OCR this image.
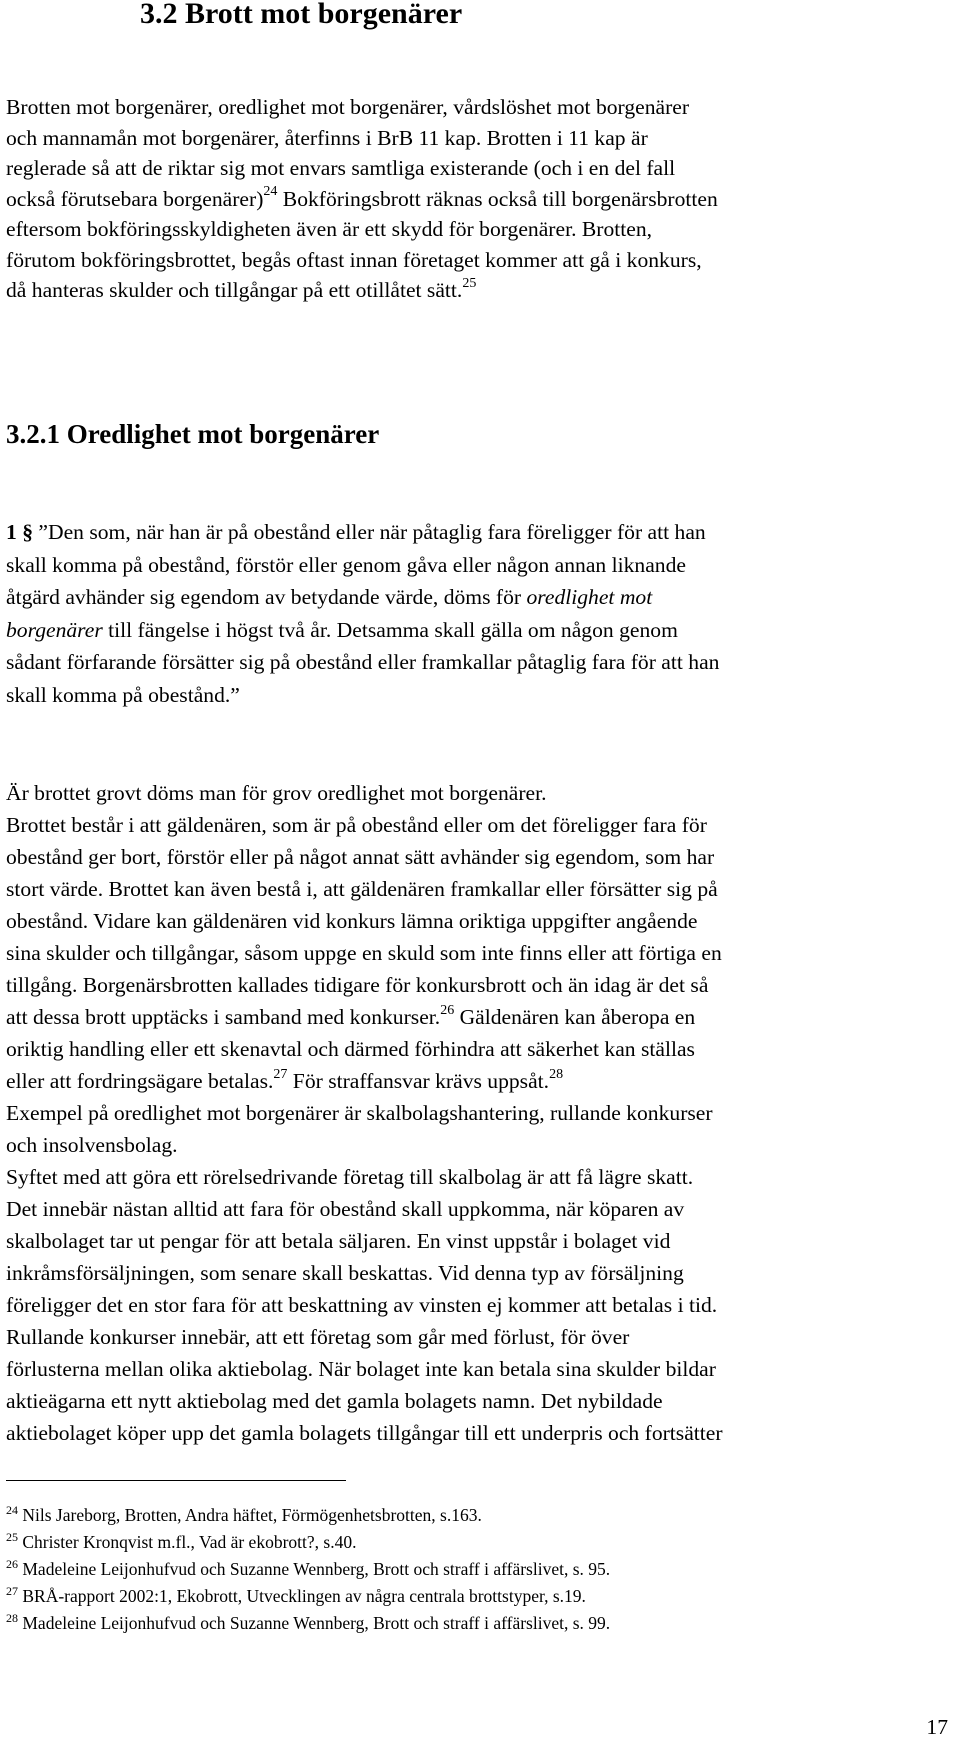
3.2 Brott mot borgenärer

Brotten mot borgenärer, oredlighet mot borgenärer, vårdslöshet mot borgenärer

och mannamån mot borgenärer, återfinns i BrB 11 kap. Brotten i 11 kap är

reglerade så att de riktar sig mot envars samtliga existerande (och i en del fall

också förutsebara borgenärer)$^{24}$ Bokföringsbrott räknas också till borgenärsbrotten

eftersom bokföringsskyldigheten även är ett skydd för borgenärer. Brotten,

förutom bokföringsbrottet, begås oftast innan företaget kommer att gå i konkurs,

då hanteras skulder och tillgångar på ett otillåtet sätt.$^{25}$

3.2.1 Oredlighet mot borgenärer

1 § ”Den som, när han är på obestånd eller när påtaglig fara föreligger för att han

skall komma på obestånd, förstör eller genom gåva eller någon annan liknande

åtgärd avhänder sig egendom av betydande värde, döms för oredlighet mot

borgenärer till fängelse i högst två år. Detsamma skall gälla om någon genom

sådant förfarande försätter sig på obestånd eller framkallar påtaglig fara för att han

skall komma på obestånd.”

Är brottet grovt döms man för grov oredlighet mot borgenärer.

Brottet består i att gäldenären, som är på obestånd eller om det föreligger fara för

obestånd ger bort, förstör eller på något annat sätt avhänder sig egendom, som har

stort värde. Brottet kan även bestå i, att gäldenären framkallar eller försätter sig på

obestånd. Vidare kan gäldenären vid konkurs lämna oriktiga uppgifter angående

sina skulder och tillgångar, såsom uppge en skuld som inte finns eller att förtiga en

tillgång. Borgenärsbrotten kallades tidigare för konkursbrott och än idag är det så

att dessa brott upptäcks i samband med konkurser.$^{26}$ Gäldenären kan åberopa en

oriktig handling eller ett skenavtal och därmed förhindra att säkerhet kan ställas

eller att fordringsägare betalas.$^{27}$ För straffansvar krävs uppsåt.$^{28}$

Exempel på oredlighet mot borgenärer är skalbolagshantering, rullande konkurser

och insolvensbolag.

Syftet med att göra ett rörelsedrivande företag till skalbolag är att få lägre skatt.

Det innebär nästan alltid att fara för obestånd skall uppkomma, när köparen av

skalbolaget tar ut pengar för att betala säljaren. En vinst uppstår i bolaget vid

inkråmsförsäljningen, som senare skall beskattas. Vid denna typ av försäljning

föreligger det en stor fara för att beskattning av vinsten ej kommer att betalas i tid.

Rullande konkurser innebär, att ett företag som går med förlust, för över

förlusterna mellan olika aktiebolag. När bolaget inte kan betala sina skulder bildar

aktieägarna ett nytt aktiebolag med det gamla bolagets namn. Det nybildade

aktiebolaget köper upp det gamla bolagets tillgångar till ett underpris och fortsätter

$^{24}$ Nils Jareborg, Brotten, Andra häftet, Förmögenhetsbrotten, s.163.

$^{25}$ Christer Kronqvist m.fl., Vad är ekobrott?, s.40.

$^{26}$ Madeleine Leijonhufvud och Suzanne Wennberg, Brott och straff i affärslivet, s. 95.

$^{27}$ BRÅ-rapport 2002:1, Ekobrott, Utvecklingen av några centrala brottstyper, s.19.

$^{28}$ Madeleine Leijonhufvud och Suzanne Wennberg, Brott och straff i affärslivet, s. 99.

17
